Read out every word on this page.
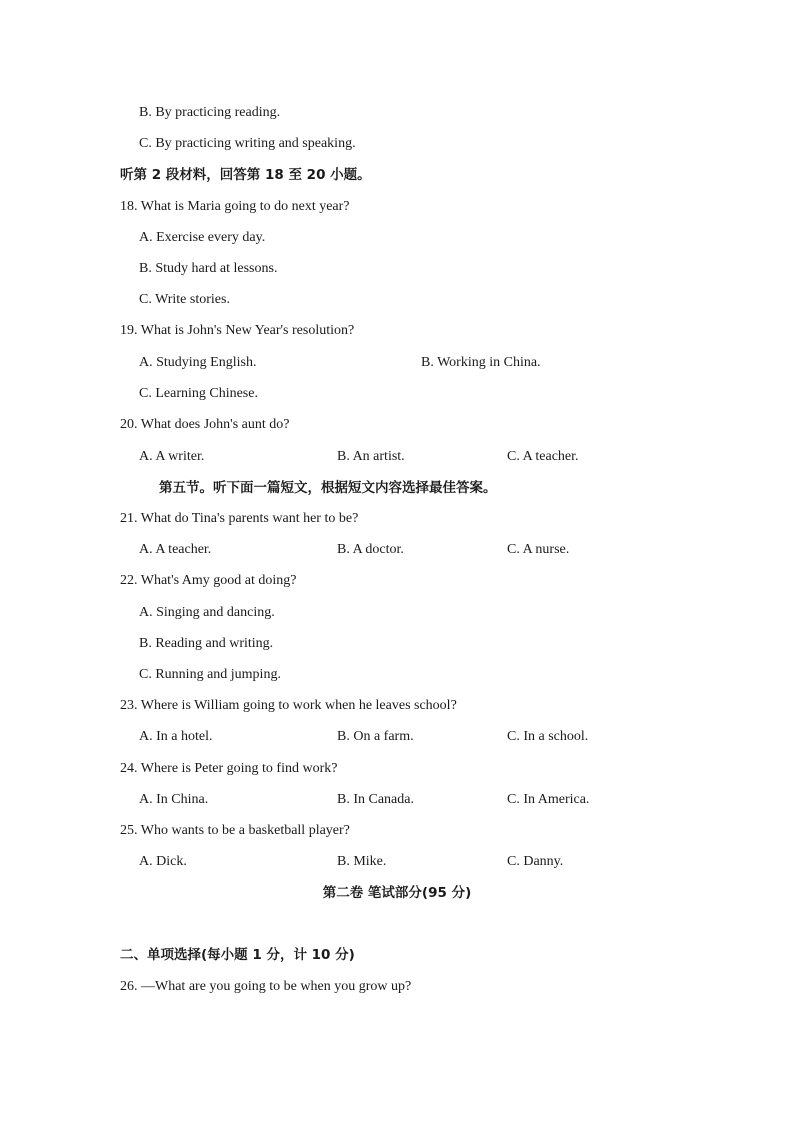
B. By practicing reading.
C. By practicing writing and speaking.
听第 2 段材料，回答第 18 至 20 小题。
18. What is Maria going to do next year?
A. Exercise every day.
B. Study hard at lessons.
C. Write stories.
19. What is John's New Year's resolution?
A. Studying English.	B. Working in China.
C. Learning Chinese.
20. What does John's aunt do?
A. A writer.	B. An artist.	C. A teacher.
第五节。听下面一篇短文，根据短文内容选择最佳答案。
21. What do Tina's parents want her to be?
A. A teacher.	B. A doctor.	C. A nurse.
22. What's Amy good at doing?
A. Singing and dancing.
B. Reading and writing.
C. Running and jumping.
23. Where is William going to work when he leaves school?
A. In a hotel.	B. On a farm.	C. In a school.
24. Where is Peter going to find work?
A. In China.	B. In Canada.	C. In America.
25. Who wants to be a basketball player?
A. Dick.	B. Mike.	C. Danny.
第二卷 笔试部分(95 分)
二、单项选择(每小题 1 分，计 10 分)
26. —What are you going to be when you grow up?
